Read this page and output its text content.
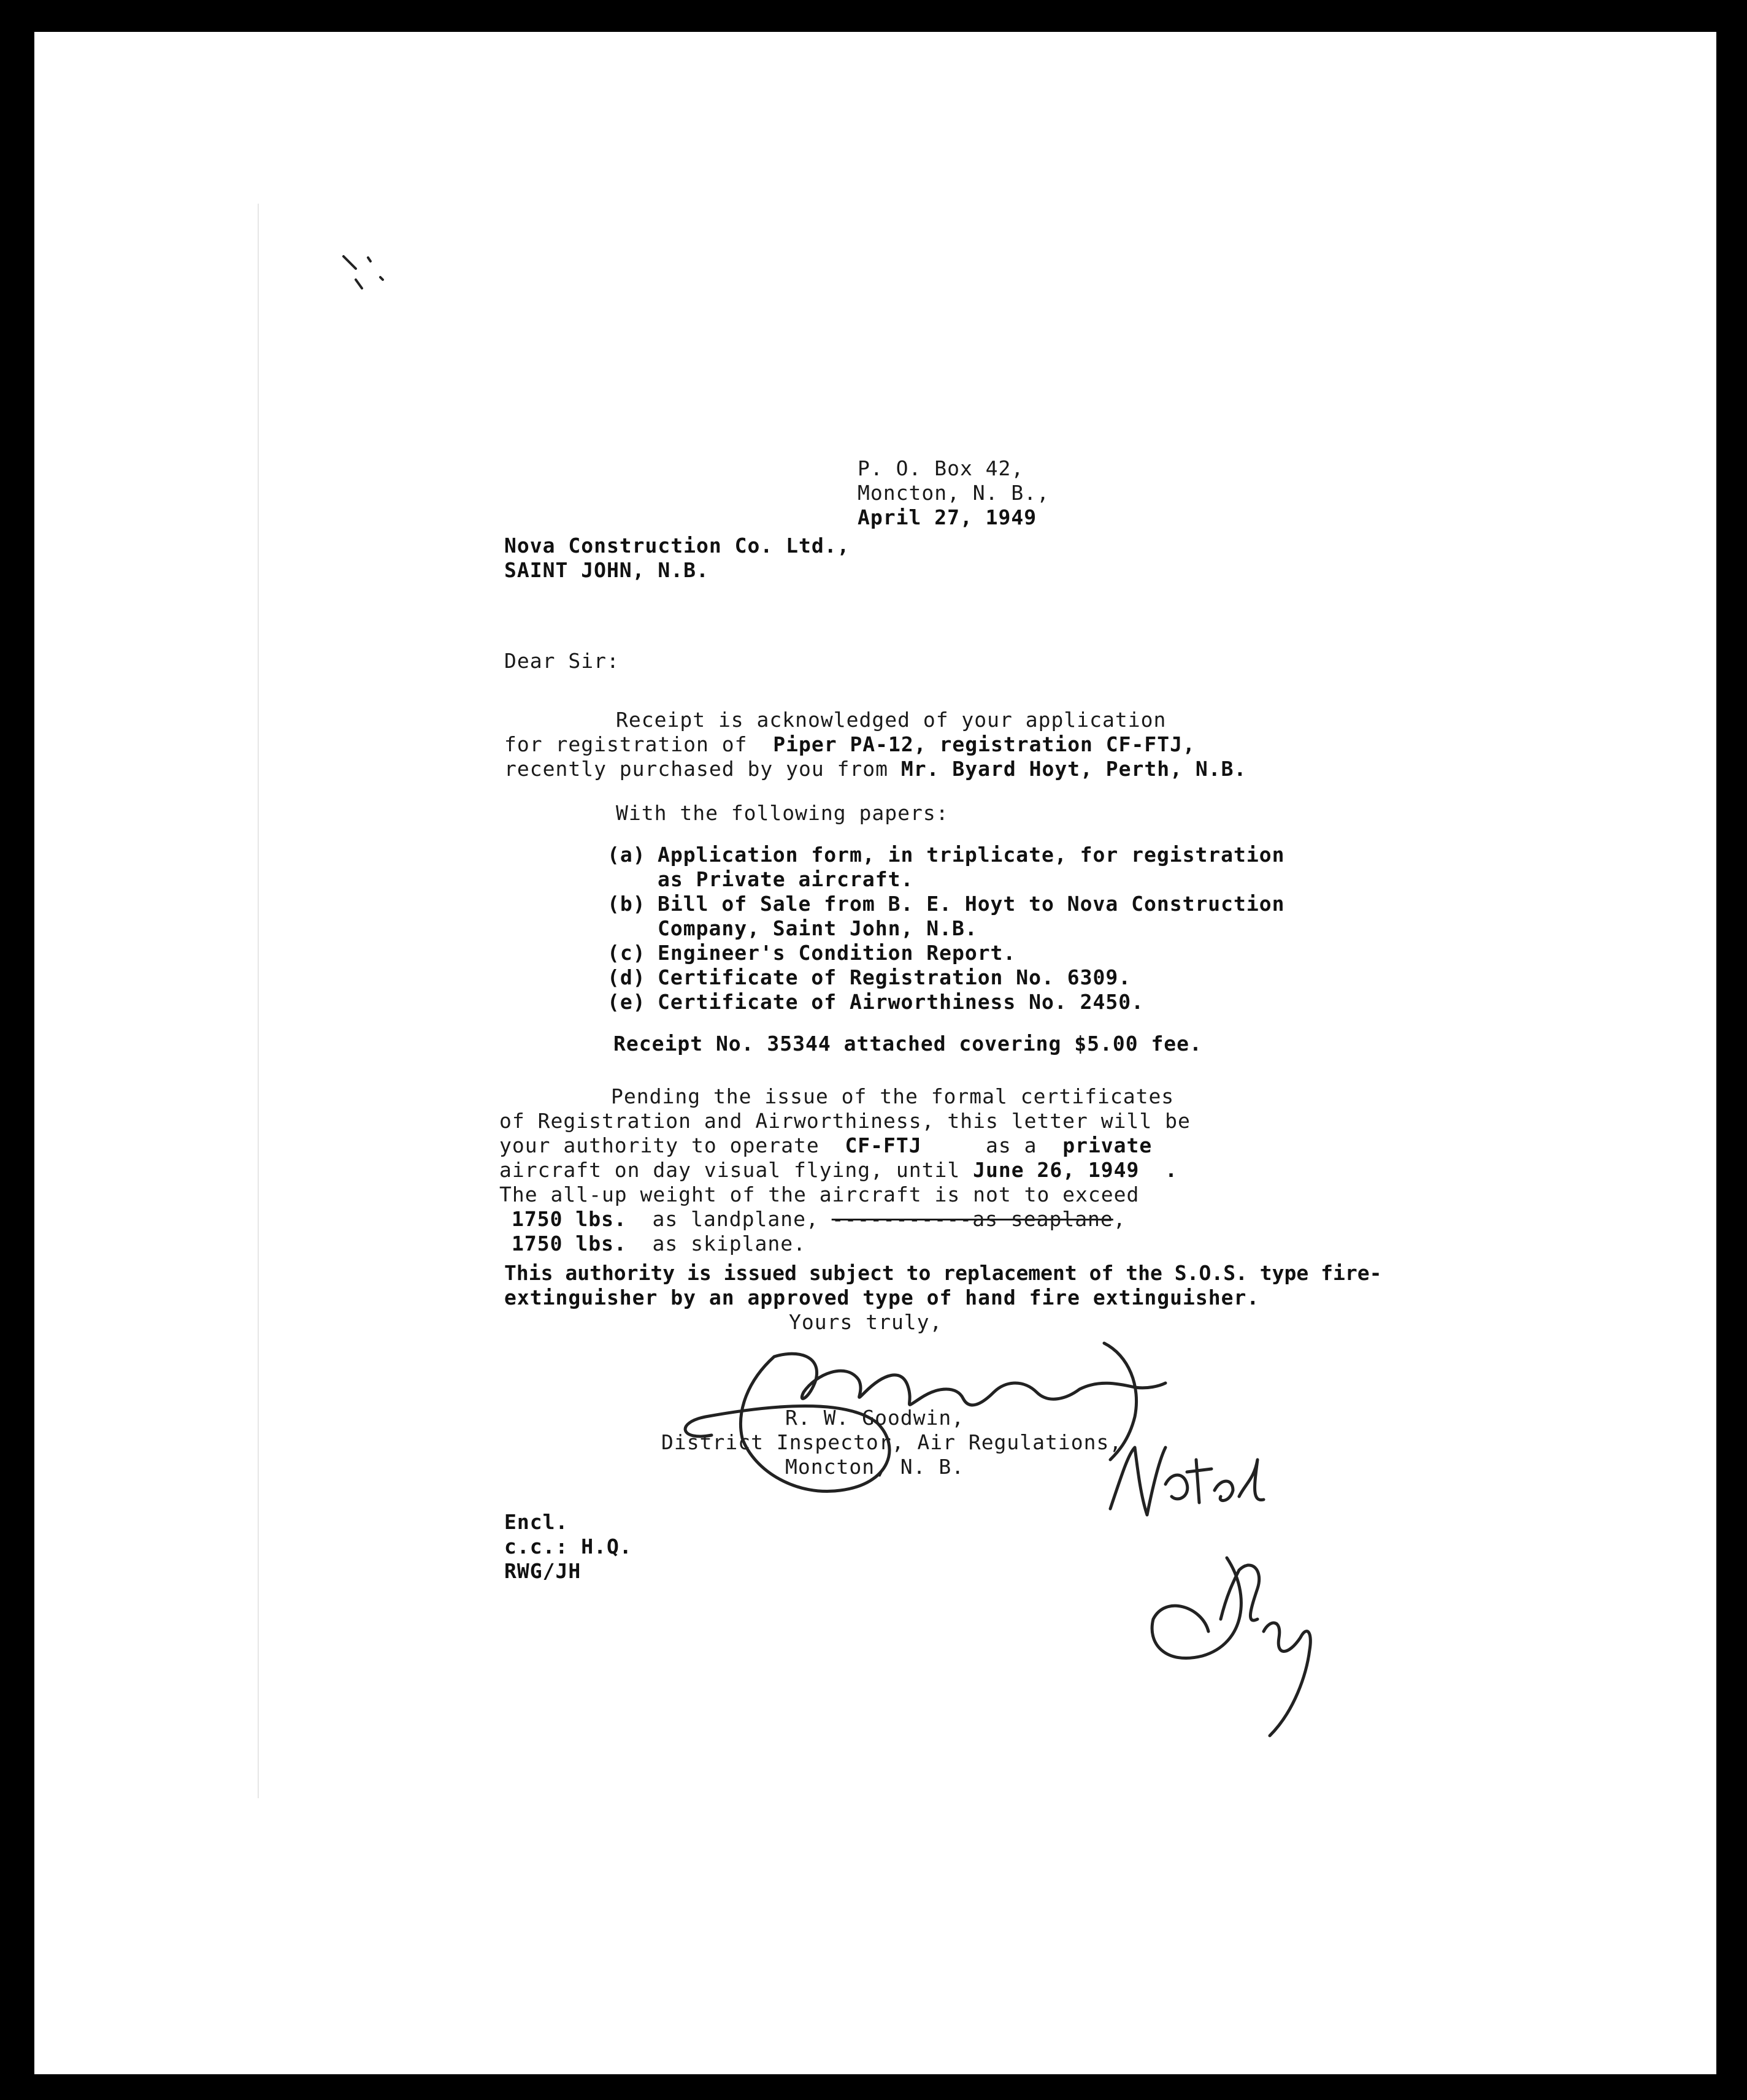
P. O. Box 42,
Moncton, N. B.,
April 27, 1949
Nova Construction Co. Ltd.,
SAINT JOHN, N.B.
Dear Sir:
Receipt is acknowledged of your application
for registration of  Piper PA-12, registration CF-FTJ,
recently purchased by you from Mr. Byard Hoyt, Perth, N.B.
With the following papers:
(a) Application form, in triplicate, for registration
as Private aircraft.
(b) Bill of Sale from B. E. Hoyt to Nova Construction
Company, Saint John, N.B.
(c) Engineer's Condition Report.
(d) Certificate of Registration No. 6309.
(e) Certificate of Airworthiness No. 2450.
Receipt No. 35344 attached covering $5.00 fee.
Pending the issue of the formal certificates
of Registration and Airworthiness, this letter will be
your authority to operate  CF-FTJ     as a  private
aircraft on day visual flying, until June 26, 1949  .
The all-up weight of the aircraft is not to exceed
1750 lbs.  as landplane, -----------as seaplane,
1750 lbs.  as skiplane.
This authority is issued subject to replacement of the S.O.S. type fire-
extinguisher by an approved type of hand fire extinguisher.
Yours truly,
R. W. Goodwin,
District Inspector, Air Regulations,
Moncton, N. B.
Encl.
c.c.: H.Q.
RWG/JH
